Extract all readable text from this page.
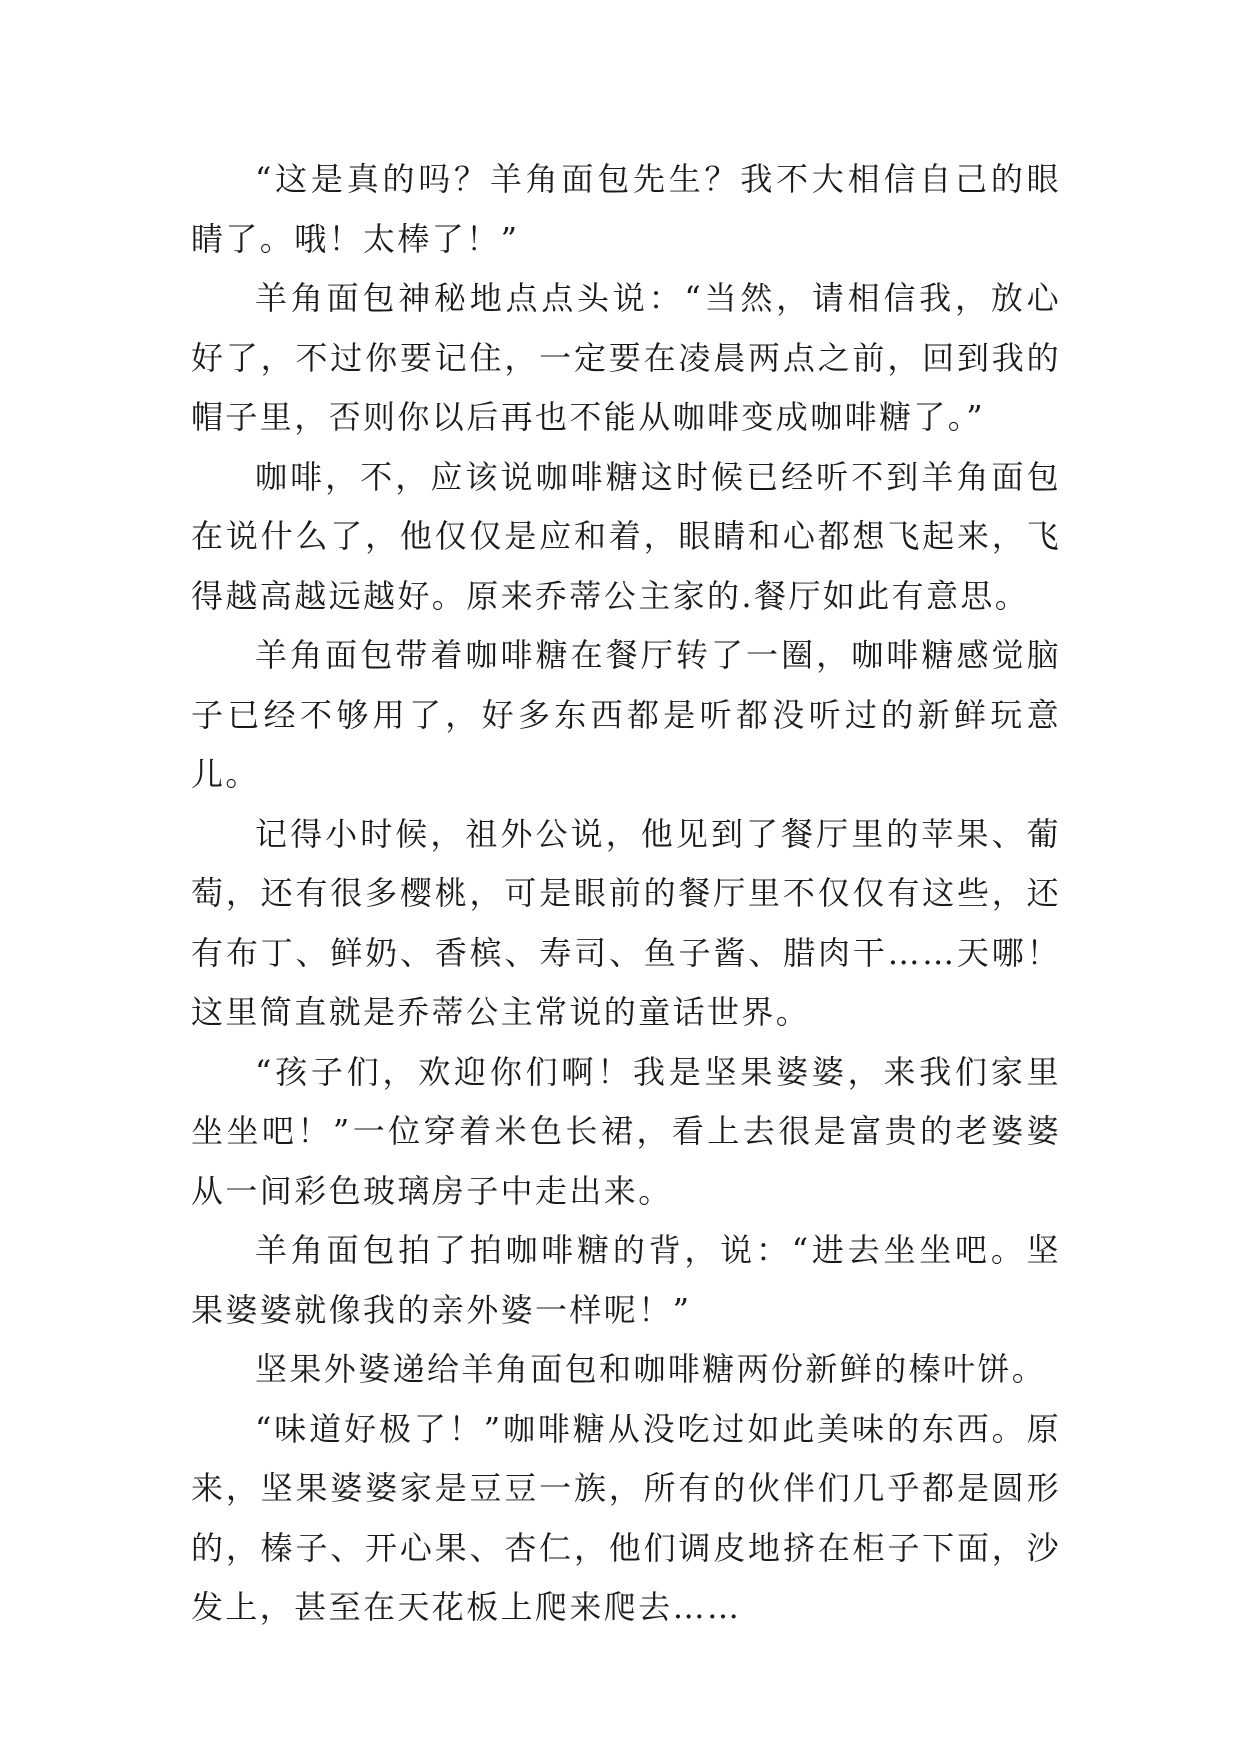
“这是真的吗？羊角面包先生？我不大相信自己的眼睛了。哦！太棒了！”

羊角面包神秘地点点头说：“当然，请相信我，放心好了，不过你要记住，一定要在凌晨两点之前，回到我的帽子里，否则你以后再也不能从咖啡变成咖啡糖了。”

咖啡，不，应该说咖啡糖这时候已经听不到羊角面包在说什么了，他仅仅是应和着，眼睛和心都想飞起来，飞得越高越远越好。原来乔蒂公主家的.餐厅如此有意思。

羊角面包带着咖啡糖在餐厅转了一圈，咖啡糖感觉脑子已经不够用了，好多东西都是听都没听过的新鲜玩意儿。

记得小时候，祖外公说，他见到了餐厅里的苹果、葡萄，还有很多樱桃，可是眼前的餐厅里不仅仅有这些，还有布丁、鲜奶、香槟、寿司、鱼子酱、腊肉干……天哪！这里简直就是乔蒂公主常说的童话世界。

“孩子们，欢迎你们啊！我是坚果婆婆，来我们家里坐坐吧！”一位穿着米色长裙，看上去很是富贵的老婆婆从一间彩色玻璃房子中走出来。

羊角面包拍了拍咖啡糖的背，说：“进去坐坐吧。坚果婆婆就像我的亲外婆一样呢！”

坚果外婆递给羊角面包和咖啡糖两份新鲜的榛叶饼。

“味道好极了！”咖啡糖从没吃过如此美味的东西。原来，坚果婆婆家是豆豆一族，所有的伙伴们几乎都是圆形的，榛子、开心果、杏仁，他们调皮地挤在柜子下面，沙发上，甚至在天花板上爬来爬去……
